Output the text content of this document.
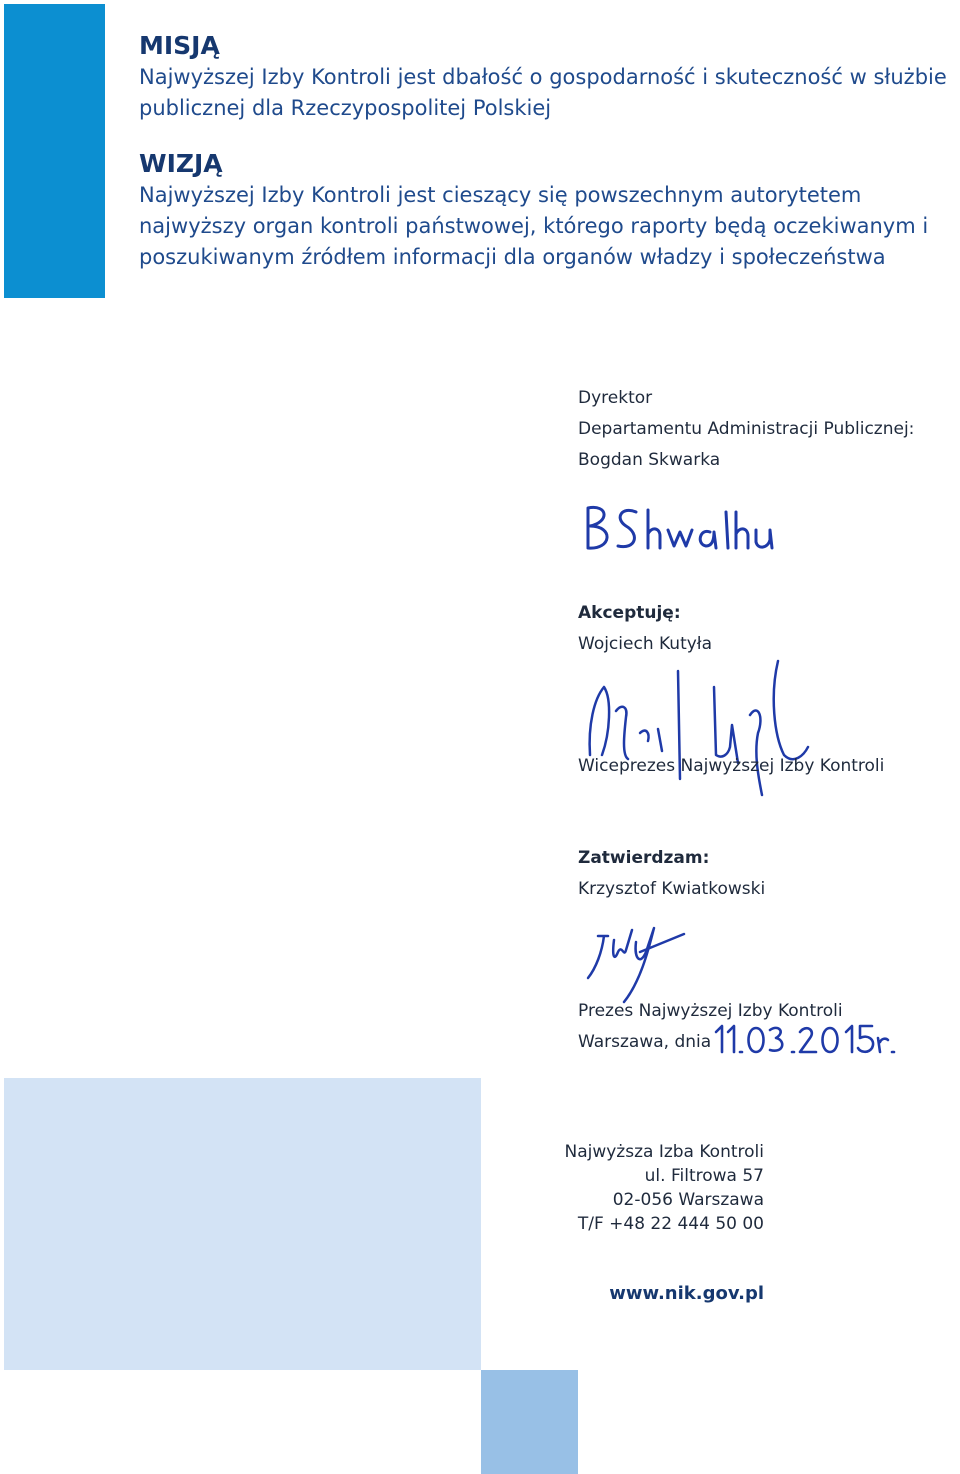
MISJĄ
Najwyższej Izby Kontroli jest dbałość o gospodarność i skuteczność w służbie publicznej dla Rzeczypospolitej Polskiej
WIZJĄ
Najwyższej Izby Kontroli jest cieszący się powszechnym autorytetem najwyższy organ kontroli państwowej, którego raporty będą oczekiwanym i poszukiwanym źródłem informacji dla organów władzy i społeczeństwa
Dyrektor
Departamentu Administracji Publicznej:
Bogdan Skwarka
Akceptuję:
Wojciech Kutyła
Wiceprezes Najwyższej Izby Kontroli
Zatwierdzam:
Krzysztof Kwiatkowski
Prezes Najwyższej Izby Kontroli
Warszawa, dnia
Najwyższa Izba Kontroli
ul. Filtrowa 57
02-056 Warszawa
T/F +48 22 444 50 00
www.nik.gov.pl
